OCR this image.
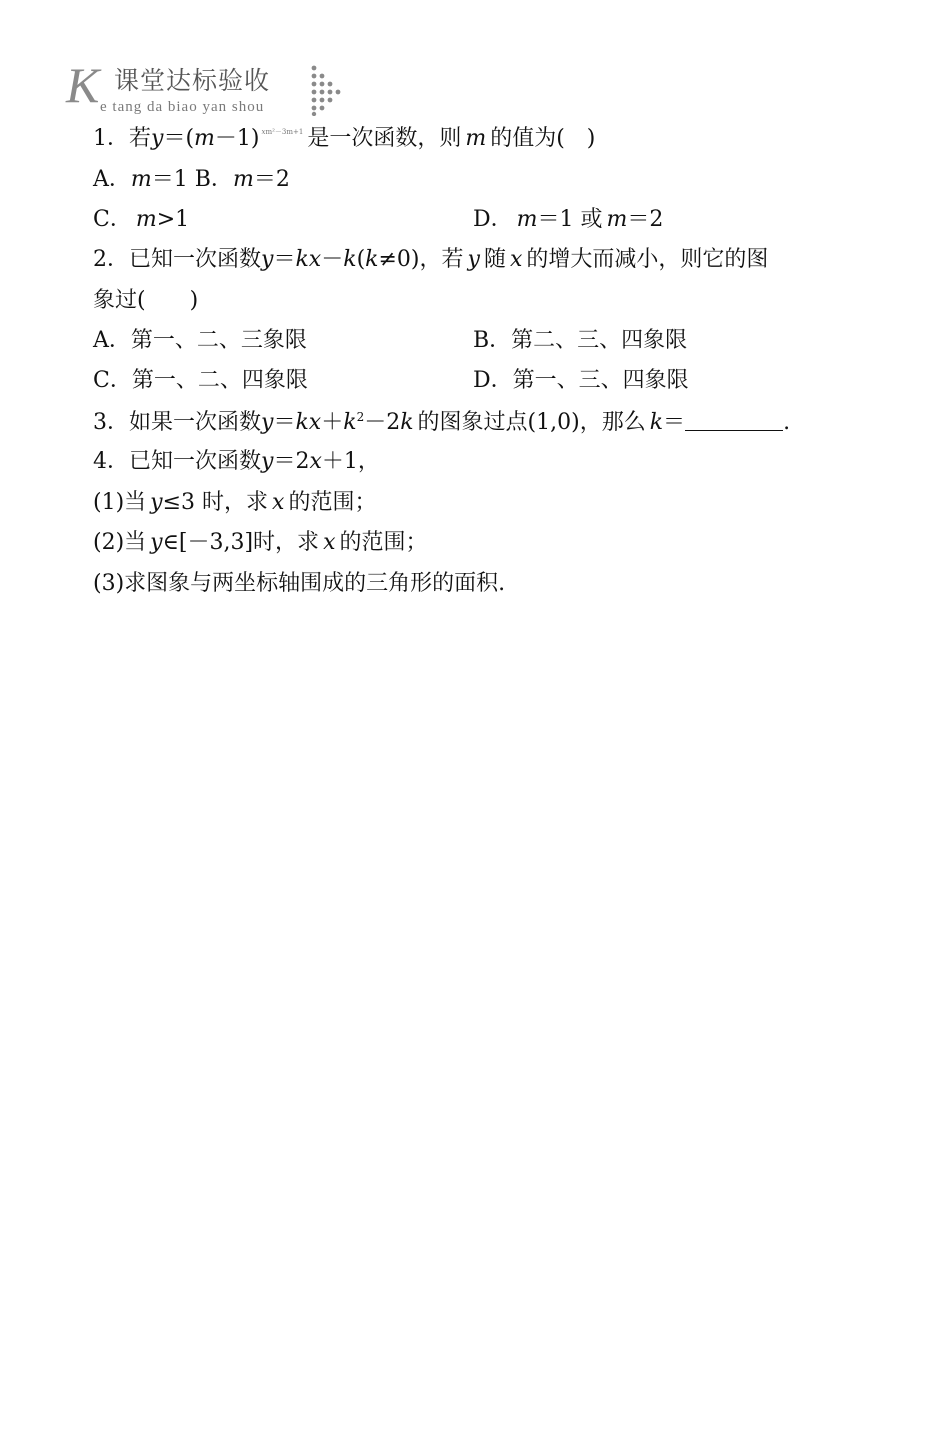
K 课堂达标验收
e tang da biao yan shou
1．若y＝(m－1) $^{xm^2-3m+1}$ 是一次函数，则 m 的值为(　)
A．m＝1 B．m＝2
C． m>1	D． m＝1 或 m＝2
2．已知一次函数y＝kx－k(k≠0)，若 y 随 x 的增大而减小，则它的图
象过(　　)
A．第一、二、三象限	B．第二、三、四象限
C．第一、二、四象限	D．第一、三、四象限
3．如果一次函数$y=kx+k^2-2k$ 的图象过点(1,0)，那么 k＝	.
4．已知一次函数y＝2x＋1，
(1)当 y≤3 时，求 x 的范围；
(2)当 y∈[－3,3]时，求 x 的范围；
(3)求图象与两坐标轴围成的三角形的面积.
